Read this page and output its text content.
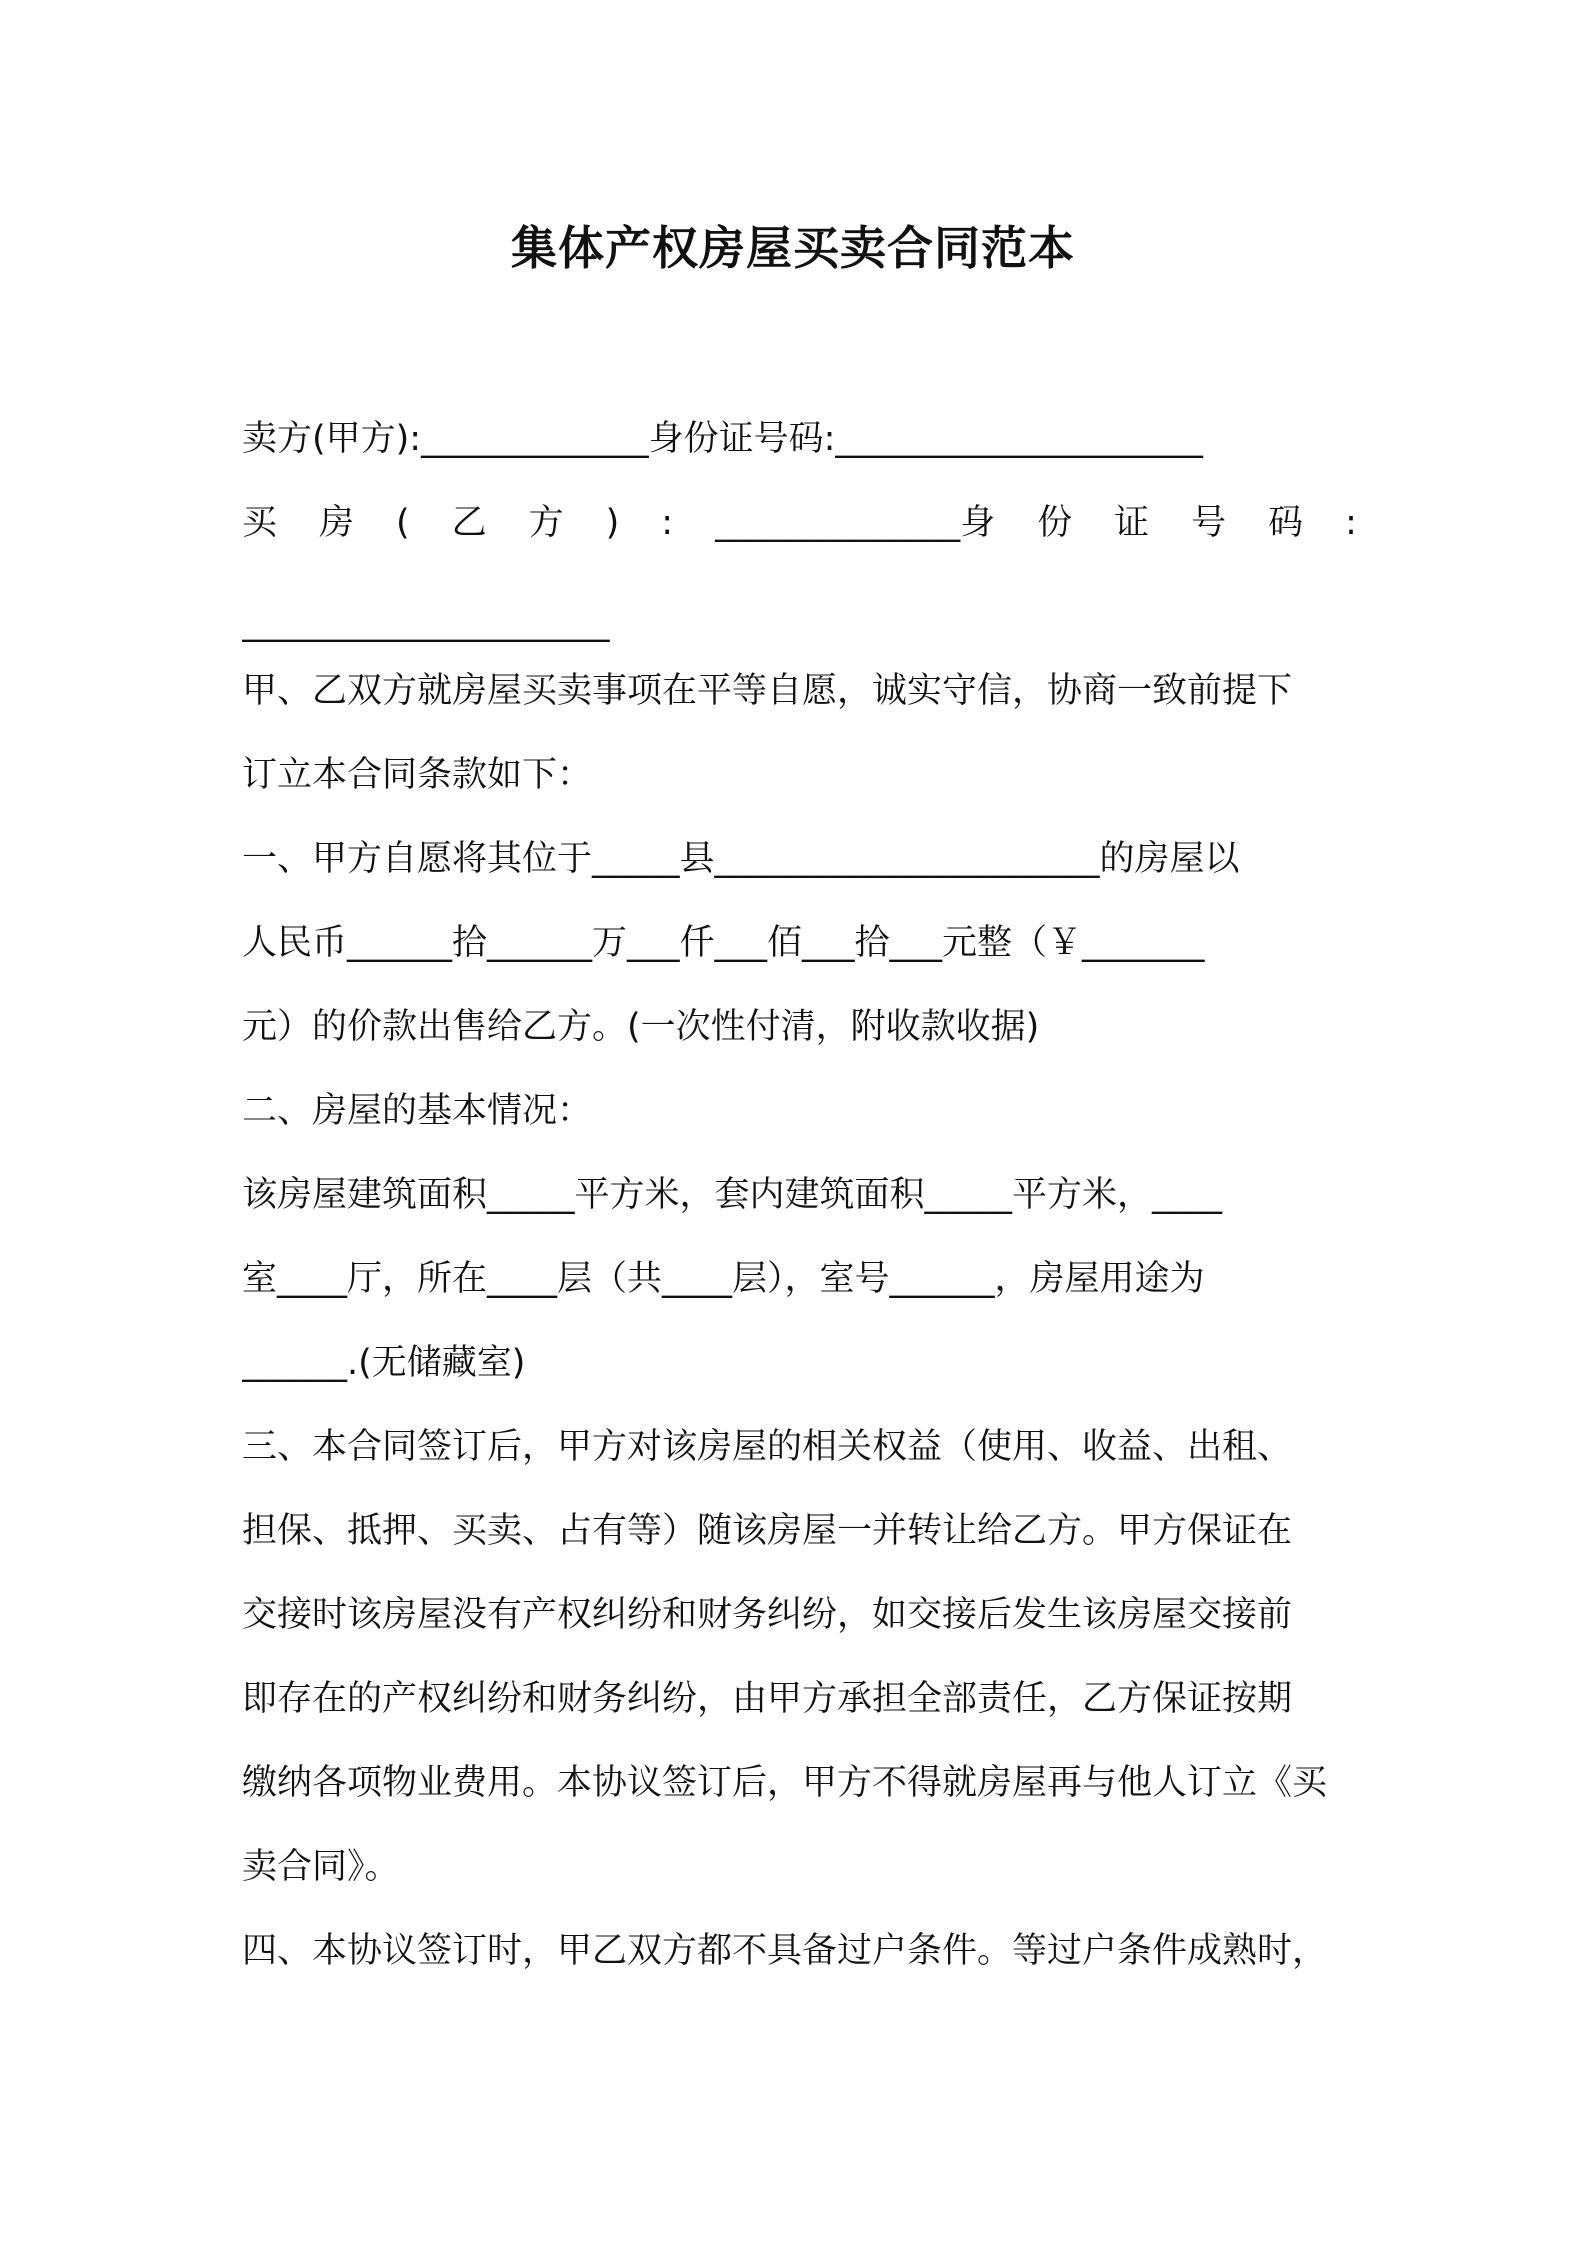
集体产权房屋买卖合同范本
卖方(甲方):_____________身份证号码:_____________________
买 房 ( 乙 方 ) : ______________身 份 证 号 码 :
_____________________
甲、乙双方就房屋买卖事项在平等自愿，诚实守信，协商一致前提下
订立本合同条款如下：
一、甲方自愿将其位于_____县______________________的房屋以
人民币______拾______万___仟___佰___拾___元整（￥_______
元）的价款出售给乙方。(一次性付清，附收款收据)
二、房屋的基本情况：
该房屋建筑面积_____平方米，套内建筑面积_____平方米，____
室____厅，所在____层（共____层），室号______，房屋用途为
______.(无储藏室)
三、本合同签订后，甲方对该房屋的相关权益（使用、收益、出租、
担保、抵押、买卖、占有等）随该房屋一并转让给乙方。甲方保证在
交接时该房屋没有产权纠纷和财务纠纷，如交接后发生该房屋交接前
即存在的产权纠纷和财务纠纷，由甲方承担全部责任，乙方保证按期
缴纳各项物业费用。本协议签订后，甲方不得就房屋再与他人订立《买
卖合同》。
四、本协议签订时，甲乙双方都不具备过户条件。等过户条件成熟时，
